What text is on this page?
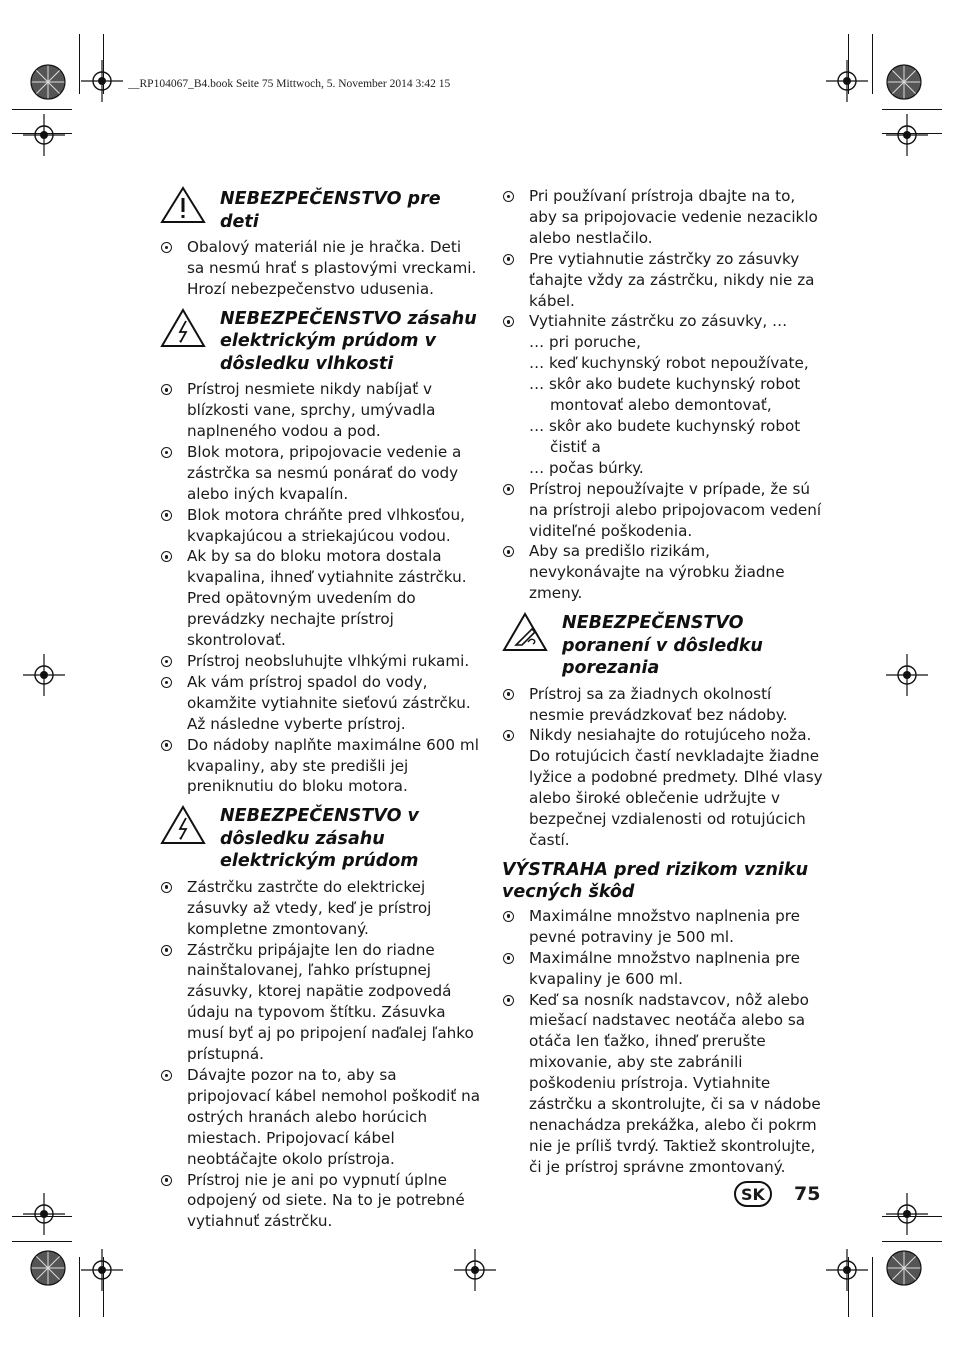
__RP104067_B4.book Seite 75 Mittwoch, 5. November 2014 3:42 15
NEBEZPEČENSTVO pre deti
Obalový materiál nie je hračka. Deti sa nesmú hrať s plastovými vreckami. Hrozí nebezpečenstvo udusenia.
NEBEZPEČENSTVO zásahu elektrickým prúdom v dôsledku vlhkosti
Prístroj nesmiete nikdy nabíjať v blízkosti vane, sprchy, umývadla naplneného vodou a pod.
Blok motora, pripojovacie vedenie a zástrčka sa nesmú ponárať do vody alebo iných kvapalín.
Blok motora chráňte pred vlhkosťou, kvapkajúcou a striekajúcou vodou.
Ak by sa do bloku motora dostala kvapalina, ihneď vytiahnite zástrčku. Pred opätovným uvedením do prevádzky nechajte prístroj skontrolovať.
Prístroj neobsluhujte vlhkými rukami.
Ak vám prístroj spadol do vody, okamžite vytiahnite sieťovú zástrčku. Až následne vyberte prístroj.
Do nádoby naplňte maximálne 600 ml kvapaliny, aby ste predišli jej preniknutiu do bloku motora.
NEBEZPEČENSTVO v dôsledku zásahu elektrickým prúdom
Zástrčku zastrčte do elektrickej zásuvky až vtedy, keď je prístroj kompletne zmontovaný.
Zástrčku pripájajte len do riadne nainštalovanej, ľahko prístupnej zásuvky, ktorej napätie zodpovedá údaju na typovom štítku. Zásuvka musí byť aj po pripojení naďalej ľahko prístupná.
Dávajte pozor na to, aby sa pripojovací kábel nemohol poškodiť na ostrých hranách alebo horúcich miestach. Pripojovací kábel neobtáčajte okolo prístroja.
Prístroj nie je ani po vypnutí úplne odpojený od siete. Na to je potrebné vytiahnuť zástrčku.
Pri používaní prístroja dbajte na to, aby sa pripojovacie vedenie nezaciklo alebo nestlačilo.
Pre vytiahnutie zástrčky zo zásuvky ťahajte vždy za zástrčku, nikdy nie za kábel.
Vytiahnite zástrčku zo zásuvky, …
… pri poruche,
… keď kuchynský robot nepoužívate,
… skôr ako budete kuchynský robot montovať alebo demontovať,
… skôr ako budete kuchynský robot čistiť a
… počas búrky.
Prístroj nepoužívajte v prípade, že sú na prístroji alebo pripojovacom vedení viditeľné poškodenia.
Aby sa predišlo rizikám, nevykonávajte na výrobku žiadne zmeny.
NEBEZPEČENSTVO poranení v dôsledku porezania
Prístroj sa za žiadnych okolností nesmie prevádzkovať bez nádoby.
Nikdy nesiahajte do rotujúceho noža. Do rotujúcich častí nevkladajte žiadne lyžice a podobné predmety. Dlhé vlasy alebo široké oblečenie udržujte v bezpečnej vzdialenosti od rotujúcich častí.
VÝSTRAHA pred rizikom vzniku vecných škôd
Maximálne množstvo naplnenia pre pevné potraviny je 500 ml.
Maximálne množstvo naplnenia pre kvapaliny je 600 ml.
Keď sa nosník nadstavcov, nôž alebo miešací nadstavec neotáča alebo sa otáča len ťažko, ihneď prerušte mixovanie, aby ste zabránili poškodeniu prístroja. Vytiahnite zástrčku a skontrolujte, či sa v nádobe nenachádza prekážka, alebo či pokrm nie je príliš tvrdý. Taktiež skontrolujte, či je prístroj správne zmontovaný.
SK	75
